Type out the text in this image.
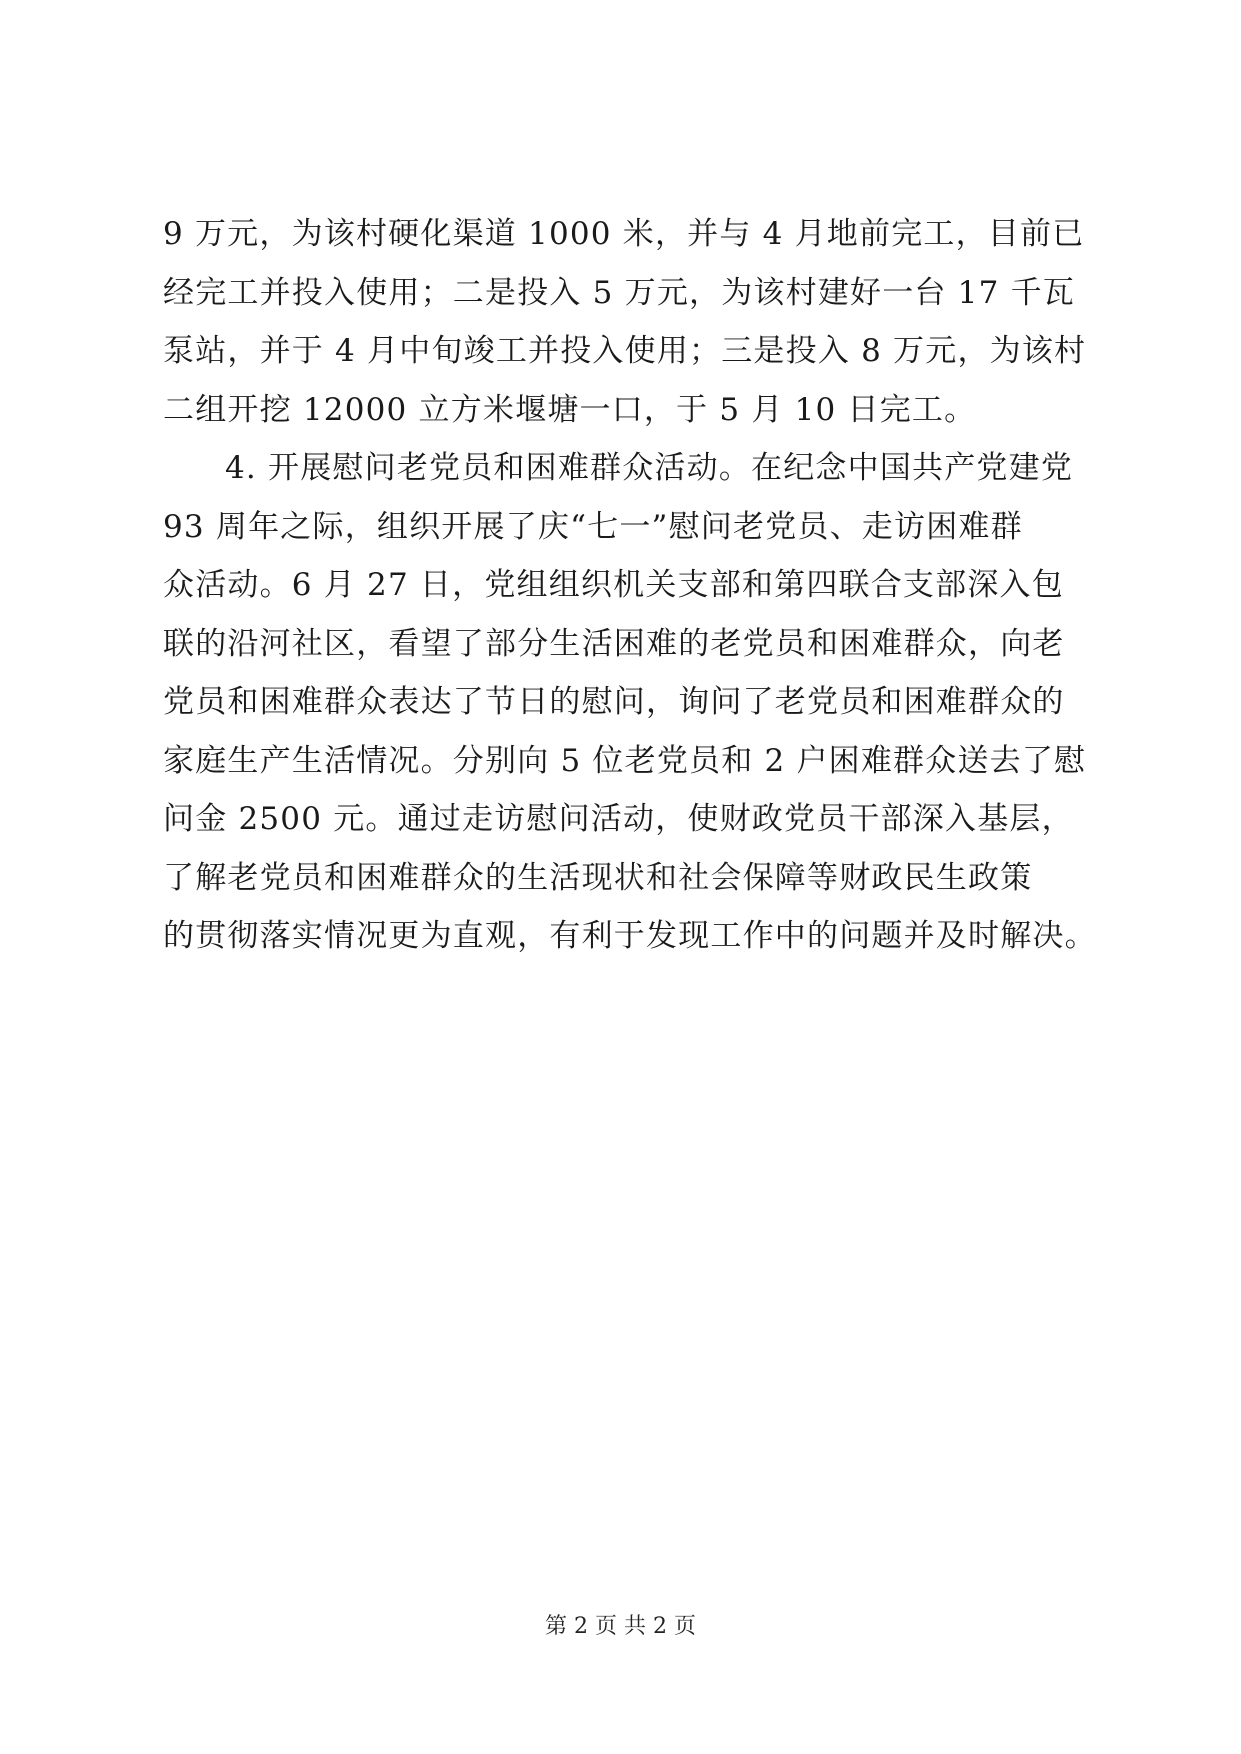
9 万元，为该村硬化渠道 1000 米，并与 4 月地前完工，目前已
经完工并投入使用；二是投入 5 万元，为该村建好一台 17 千瓦
泵站，并于 4 月中旬竣工并投入使用；三是投入 8 万元，为该村
二组开挖 12000 立方米堰塘一口，于 5 月 10 日完工。
4. 开展慰问老党员和困难群众活动。在纪念中国共产党建党
93 周年之际，组织开展了庆“七一”慰问老党员、走访困难群
众活动。6 月 27 日，党组组织机关支部和第四联合支部深入包
联的沿河社区，看望了部分生活困难的老党员和困难群众，向老
党员和困难群众表达了节日的慰问，询问了老党员和困难群众的
家庭生产生活情况。分别向 5 位老党员和 2 户困难群众送去了慰
问金 2500 元。通过走访慰问活动，使财政党员干部深入基层，
了解老党员和困难群众的生活现状和社会保障等财政民生政策
的贯彻落实情况更为直观，有利于发现工作中的问题并及时解决。
第 2 页 共 2 页
